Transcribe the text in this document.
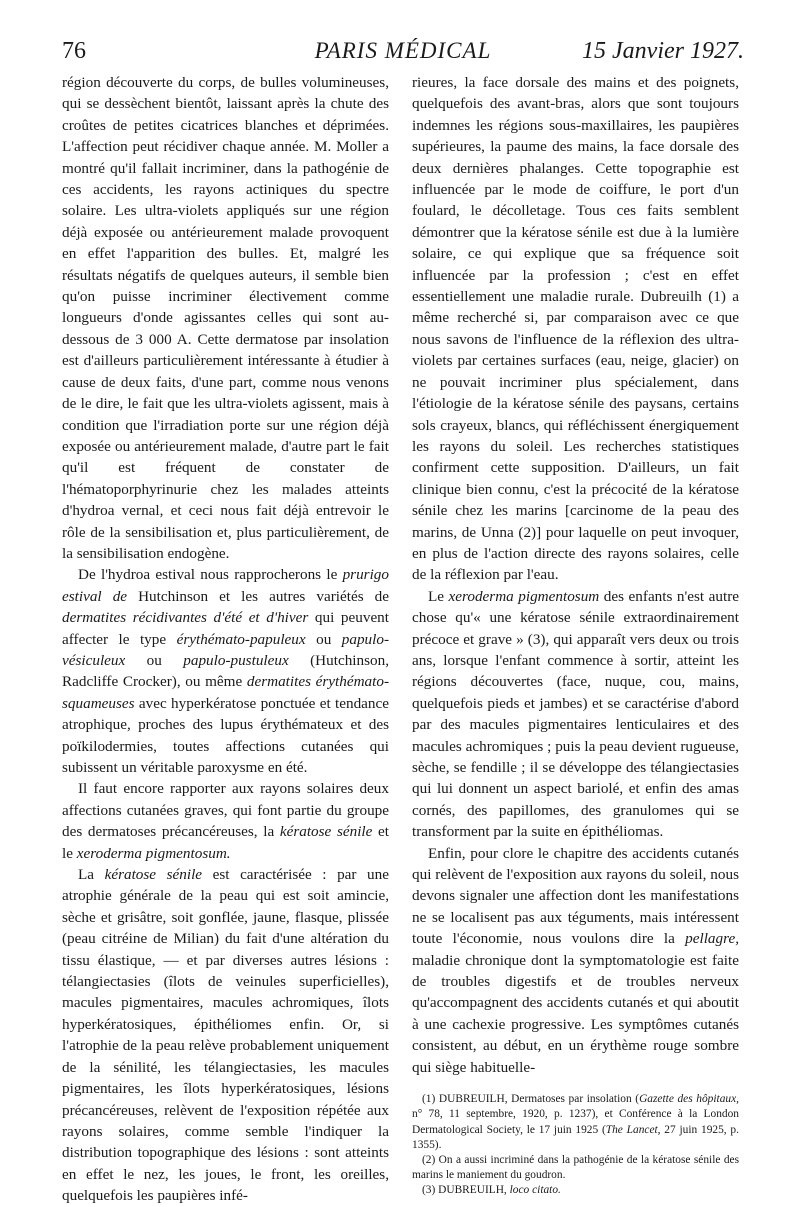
76	PARIS MÉDICAL	15 Janvier 1927.

région découverte du corps, de bulles volumineuses, qui se dessèchent bientôt, laissant après la chute des croûtes de petites cicatrices blanches et déprimées. L'affection peut récidiver chaque année. M. Moller a montré qu'il fallait incriminer, dans la pathogénie de ces accidents, les rayons actiniques du spectre solaire. Les ultra-violets appliqués sur une région déjà exposée ou antérieurement malade provoquent en effet l'apparition des bulles. Et, malgré les résultats négatifs de quelques auteurs, il semble bien qu'on puisse incriminer électivement comme longueurs d'onde agissantes celles qui sont au-dessous de 3 000 A. Cette dermatose par insolation est d'ailleurs particulièrement intéressante à étudier à cause de deux faits, d'une part, comme nous venons de le dire, le fait que les ultra-violets agissent, mais à condition que l'irradiation porte sur une région déjà exposée ou antérieurement malade, d'autre part le fait qu'il est fréquent de constater de l'hématoporphyrinurie chez les malades atteints d'hydroa vernal, et ceci nous fait déjà entrevoir le rôle de la sensibilisation et, plus particulièrement, de la sensibilisation endogène.

De l'hydroa estival nous rapprocherons le prurigo estival de Hutchinson et les autres variétés de dermatites récidivantes d'été et d'hiver qui peuvent affecter le type érythémato-papuleux ou papulo-vésiculeux ou papulo-pustuleux (Hutchinson, Radcliffe Crocker), ou même dermatites érythémato-squameuses avec hyperkératose ponctuée et tendance atrophique, proches des lupus érythémateux et des poïkilodermies, toutes affections cutanées qui subissent un véritable paroxysme en été.

Il faut encore rapporter aux rayons solaires deux affections cutanées graves, qui font partie du groupe des dermatoses précancéreuses, la kératose sénile et le xeroderma pigmentosum.

La kératose sénile est caractérisée : par une atrophie générale de la peau qui est soit amincie, sèche et grisâtre, soit gonflée, jaune, flasque, plissée (peau citréine de Milian) du fait d'une altération du tissu élastique, — et par diverses autres lésions : télangiectasies (îlots de veinules superficielles), macules pigmentaires, macules achromiques, îlots hyperkératosiques, épithéliomes enfin. Or, si l'atrophie de la peau relève probablement uniquement de la sénilité, les télangiectasies, les macules pigmentaires, les îlots hyperkératosiques, lésions précancéreuses, relèvent de l'exposition répétée aux rayons solaires, comme semble l'indiquer la distribution topographique des lésions : sont atteints en effet le nez, les joues, le front, les oreilles, quelquefois les paupières infé-

rieures, la face dorsale des mains et des poignets, quelquefois des avant-bras, alors que sont toujours indemnes les régions sous-maxillaires, les paupières supérieures, la paume des mains, la face dorsale des deux dernières phalanges. Cette topographie est influencée par le mode de coiffure, le port d'un foulard, le décolletage. Tous ces faits semblent démontrer que la kératose sénile est due à la lumière solaire, ce qui explique que sa fréquence soit influencée par la profession ; c'est en effet essentiellement une maladie rurale. Dubreuilh (1) a même recherché si, par comparaison avec ce que nous savons de l'influence de la réflexion des ultra-violets par certaines surfaces (eau, neige, glacier) on ne pouvait incriminer plus spécialement, dans l'étiologie de la kératose sénile des paysans, certains sols crayeux, blancs, qui réfléchissent énergiquement les rayons du soleil. Les recherches statistiques confirment cette supposition. D'ailleurs, un fait clinique bien connu, c'est la précocité de la kératose sénile chez les marins [carcinome de la peau des marins, de Unna (2)] pour laquelle on peut invoquer, en plus de l'action directe des rayons solaires, celle de la réflexion par l'eau.

Le xeroderma pigmentosum des enfants n'est autre chose qu'« une kératose sénile extraordinairement précoce et grave » (3), qui apparaît vers deux ou trois ans, lorsque l'enfant commence à sortir, atteint les régions découvertes (face, nuque, cou, mains, quelquefois pieds et jambes) et se caractérise d'abord par des macules pigmentaires lenticulaires et des macules achromiques ; puis la peau devient rugueuse, sèche, se fendille ; il se développe des télangiectasies qui lui donnent un aspect bariolé, et enfin des amas cornés, des papillomes, des granulomes qui se transforment par la suite en épithéliomas.

Enfin, pour clore le chapitre des accidents cutanés qui relèvent de l'exposition aux rayons du soleil, nous devons signaler une affection dont les manifestations ne se localisent pas aux téguments, mais intéressent toute l'économie, nous voulons dire la pellagre, maladie chronique dont la symptomatologie est faite de troubles digestifs et de troubles nerveux qu'accompagnent des accidents cutanés et qui aboutit à une cachexie progressive. Les symptômes cutanés consistent, au début, en un érythème rouge sombre qui siège habituelle-

(1) DUBREUILH, Dermatoses par insolation (Gazette des hôpitaux, n° 78, 11 septembre, 1920, p. 1237), et Conférence à la London Dermatological Society, le 17 juin 1925 (The Lancet, 27 juin 1925, p. 1355).

(2) On a aussi incriminé dans la pathogénie de la kératose sénile des marins le maniement du goudron.

(3) DUBREUILH, loco citato.
